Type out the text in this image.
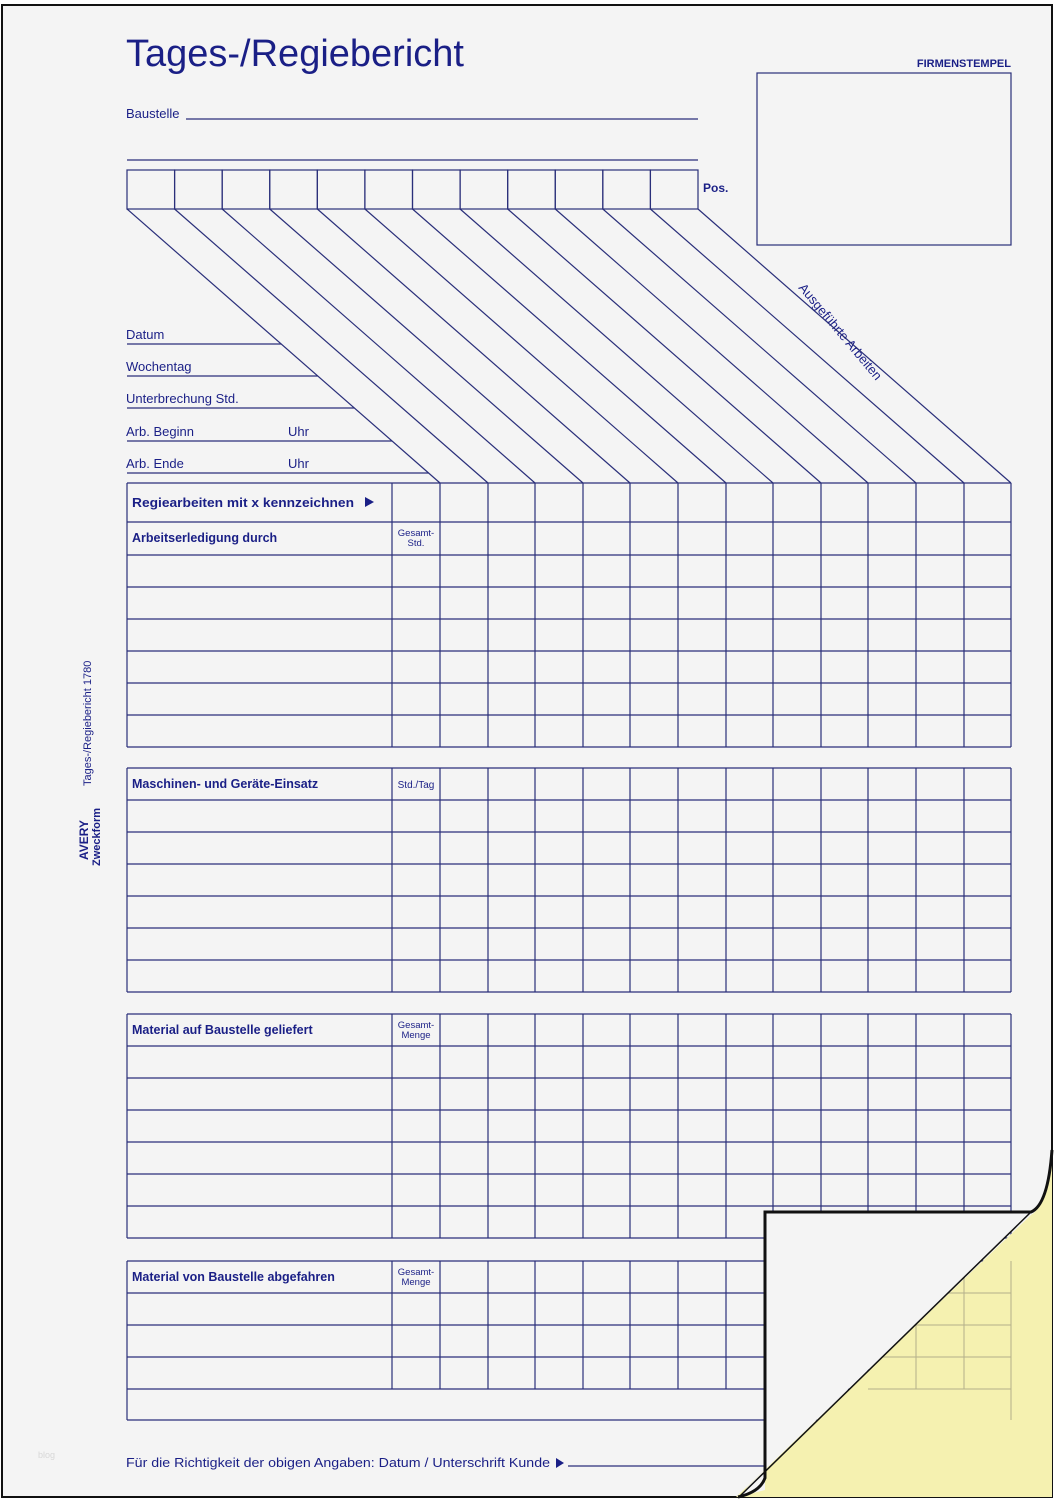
Tages-/Regiebericht	FIRMENSTEMPEL
Baustelle
Pos.
Ausgeführte Arbeiten
Datum
Wochentag
Unterbrechung Std.
Arb. Beginn	Uhr
Arb. Ende	Uhr
Regiearbeiten mit x kennzeichnen
Arbeitserledigung durch	Gesamt-
Std.
Maschinen- und Geräte-Einsatz	Std./Tag
Material auf Baustelle geliefert	Gesamt-
Menge
Material von Baustelle abgefahren	Gesamt-
Menge
Tages-/Regiebericht 1780
AVERY Zweckform
blog	Für die Richtigkeit der obigen Angaben: Datum / Unterschrift Kunde
